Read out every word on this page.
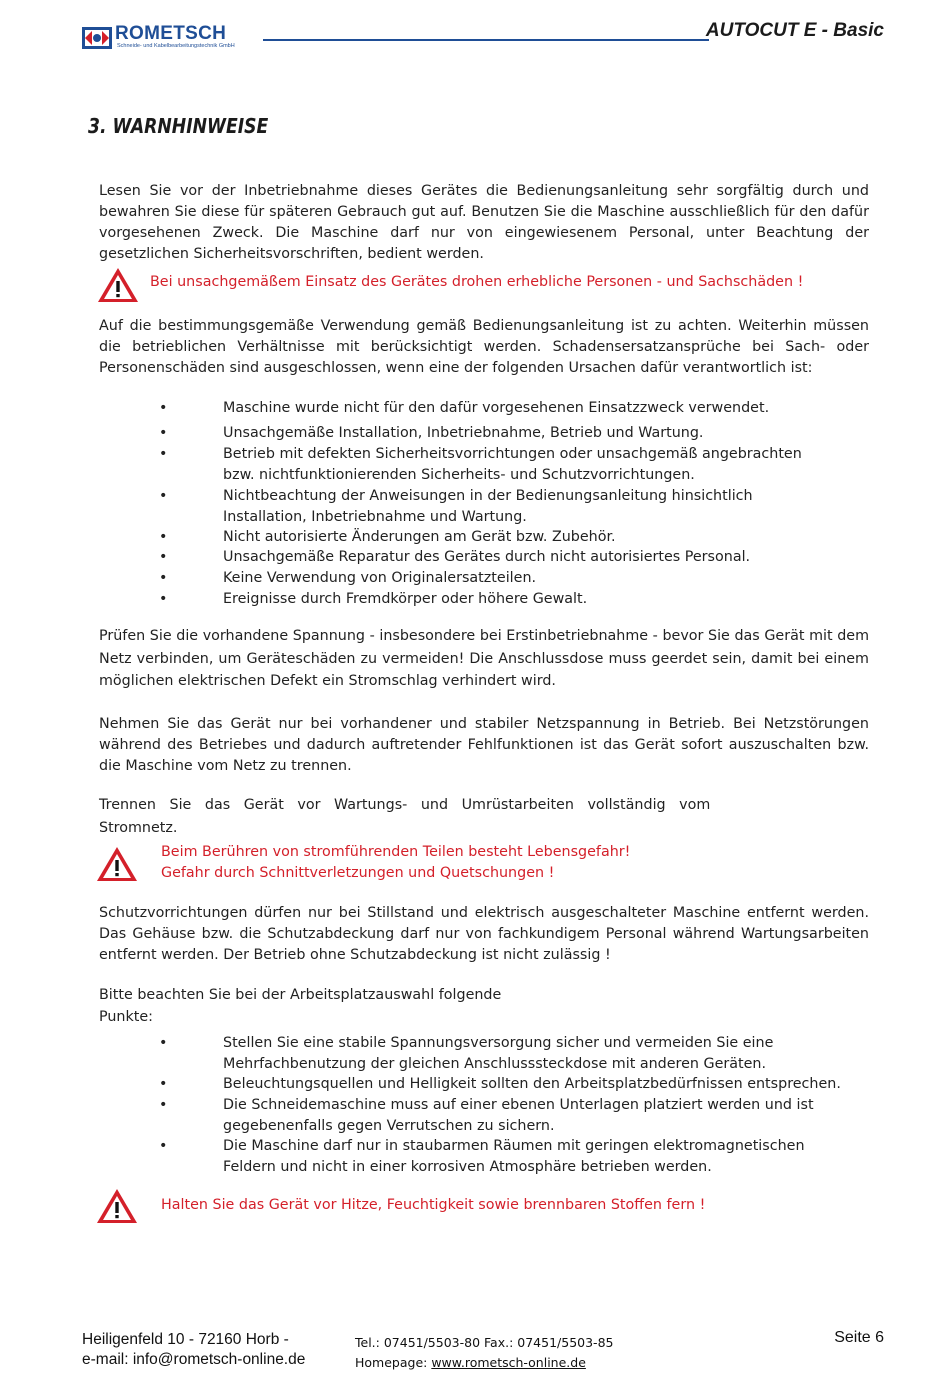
ROMETSCH
Schneide- und Kabelbearbeitungstechnik GmbH
AUTOCUT E - Basic
3. WARNHINWEISE
Lesen Sie vor der Inbetriebnahme dieses Gerätes die Bedienungsanleitung sehr sorgfältig durch und bewahren Sie diese für späteren Gebrauch gut auf. Benutzen Sie die Maschine ausschließlich für den dafür vorgesehenen Zweck. Die Maschine darf nur von eingewiesenem Personal, unter Beachtung der gesetzlichen Sicherheitsvorschriften, bedient werden.
Bei unsachgemäßem Einsatz des Gerätes drohen erhebliche Personen - und Sachschäden !
Auf die bestimmungsgemäße Verwendung gemäß Bedienungsanleitung ist zu achten. Weiterhin müssen die betrieblichen Verhältnisse mit berücksichtigt werden. Schadensersatzansprüche bei Sach- oder Personenschäden sind ausgeschlossen, wenn eine der folgenden Ursachen dafür verantwortlich ist:
•	Maschine wurde nicht für den dafür vorgesehenen Einsatzzweck verwendet.
•	Unsachgemäße Installation, Inbetriebnahme, Betrieb und Wartung.
•	Betrieb mit defekten Sicherheitsvorrichtungen oder unsachgemäß angebrachten
bzw. nichtfunktionierenden Sicherheits- und Schutzvorrichtungen.
•	Nichtbeachtung der Anweisungen in der Bedienungsanleitung hinsichtlich
Installation, Inbetriebnahme und Wartung.
•	Nicht autorisierte Änderungen am Gerät bzw. Zubehör.
•	Unsachgemäße Reparatur des Gerätes durch nicht autorisiertes Personal.
•	Keine Verwendung von Originalersatzteilen.
•	Ereignisse durch Fremdkörper oder höhere Gewalt.
Prüfen Sie die vorhandene Spannung - insbesondere bei Erstinbetriebnahme - bevor Sie das Gerät mit dem Netz verbinden, um Geräteschäden zu vermeiden! Die Anschlussdose muss geerdet sein, damit bei einem möglichen elektrischen Defekt ein Stromschlag verhindert wird.
Nehmen Sie das Gerät nur bei vorhandener und stabiler Netzspannung in Betrieb. Bei Netzstörungen während des Betriebes und dadurch auftretender Fehlfunktionen ist das Gerät sofort auszuschalten bzw. die Maschine vom Netz zu trennen.
Trennen Sie das Gerät vor Wartungs- und Umrüstarbeiten vollständig vom
Stromnetz.
Beim Berühren von stromführenden Teilen besteht Lebensgefahr!
Gefahr durch Schnittverletzungen und Quetschungen !
Schutzvorrichtungen dürfen nur bei Stillstand und elektrisch ausgeschalteter Maschine entfernt werden. Das Gehäuse bzw. die Schutzabdeckung darf nur von fachkundigem Personal während Wartungsarbeiten entfernt werden. Der Betrieb ohne Schutzabdeckung ist nicht zulässig !
Bitte beachten Sie bei der Arbeitsplatzauswahl folgende
Punkte:
•	Stellen Sie eine stabile Spannungsversorgung sicher und vermeiden Sie eine
Mehrfachbenutzung der gleichen Anschlusssteckdose mit anderen Geräten.
•	Beleuchtungsquellen und Helligkeit sollten den Arbeitsplatzbedürfnissen entsprechen.
•	Die Schneidemaschine muss auf einer ebenen Unterlagen platziert werden und ist
gegebenenfalls gegen Verrutschen zu sichern.
•	Die Maschine darf nur in staubarmen Räumen mit geringen elektromagnetischen
Feldern und nicht in einer korrosiven Atmosphäre betrieben werden.
Halten Sie das Gerät vor Hitze, Feuchtigkeit sowie brennbaren Stoffen fern !
Heiligenfeld 10 - 72160 Horb -
e-mail: info@rometsch-online.de
Tel.: 07451/5503-80 Fax.: 07451/5503-85
Homepage: www.rometsch-online.de
Seite 6
